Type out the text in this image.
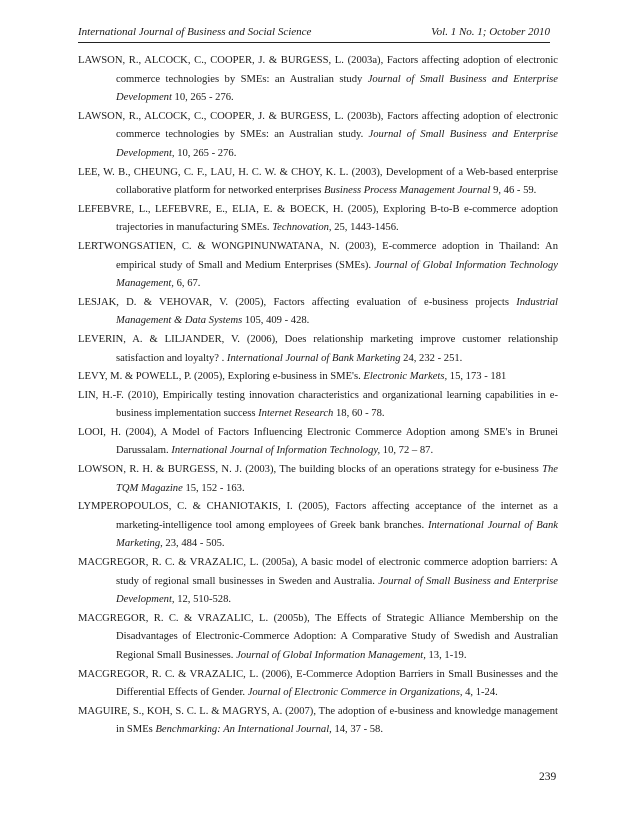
International Journal of Business and Social Science	Vol. 1 No. 1; October 2010

LAWSON, R., ALCOCK, C., COOPER, J. & BURGESS, L. (2003a), Factors affecting adoption of electronic commerce technologies by SMEs: an Australian study Journal of Small Business and Enterprise Development 10, 265 - 276.

LAWSON, R., ALCOCK, C., COOPER, J. & BURGESS, L. (2003b), Factors affecting adoption of electronic commerce technologies by SMEs: an Australian study. Journal of Small Business and Enterprise Development, 10, 265 - 276.

LEE, W. B., CHEUNG, C. F., LAU, H. C. W. & CHOY, K. L. (2003), Development of a Web-based enterprise collaborative platform for networked enterprises Business Process Management Journal 9, 46 - 59.

LEFEBVRE, L., LEFEBVRE, E., ELIA, E. & BOECK, H. (2005), Exploring B-to-B e-commerce adoption trajectories in manufacturing SMEs. Technovation, 25, 1443-1456.

LERTWONGSATIEN, C. & WONGPINUNWATANA, N. (2003), E-commerce adoption in Thailand: An empirical study of Small and Medium Enterprises (SMEs). Journal of Global Information Technology Management, 6, 67.

LESJAK, D. & VEHOVAR, V. (2005), Factors affecting evaluation of e-business projects Industrial Management & Data Systems 105, 409 - 428.

LEVERIN, A. & LILJANDER, V. (2006), Does relationship marketing improve customer relationship satisfaction and loyalty? . International Journal of Bank Marketing 24, 232 - 251.

LEVY, M. & POWELL, P. (2005), Exploring e-business in SME's. Electronic Markets, 15, 173 - 181

LIN, H.-F. (2010), Empirically testing innovation characteristics and organizational learning capabilities in e-business implementation success Internet Research 18, 60 - 78.

LOOI, H. (2004), A Model of Factors Influencing Electronic Commerce Adoption among SME's in Brunei Darussalam. International Journal of Information Technology, 10, 72 – 87.

LOWSON, R. H. & BURGESS, N. J. (2003), The building blocks of an operations strategy for e-business The TQM Magazine 15, 152 - 163.

LYMPEROPOULOS, C. & CHANIOTAKIS, I. (2005), Factors affecting acceptance of the internet as a marketing-intelligence tool among employees of Greek bank branches. International Journal of Bank Marketing, 23, 484 - 505.

MACGREGOR, R. C. & VRAZALIC, L. (2005a), A basic model of electronic commerce adoption barriers: A study of regional small businesses in Sweden and Australia. Journal of Small Business and Enterprise Development, 12, 510-528.

MACGREGOR, R. C. & VRAZALIC, L. (2005b), The Effects of Strategic Alliance Membership on the Disadvantages of Electronic-Commerce Adoption: A Comparative Study of Swedish and Australian Regional Small Businesses. Journal of Global Information Management, 13, 1-19.

MACGREGOR, R. C. & VRAZALIC, L. (2006), E-Commerce Adoption Barriers in Small Businesses and the Differential Effects of Gender. Journal of Electronic Commerce in Organizations, 4, 1-24.

MAGUIRE, S., KOH, S. C. L. & MAGRYS, A. (2007), The adoption of e-business and knowledge management in SMEs Benchmarking: An International Journal, 14, 37 - 58.

239
